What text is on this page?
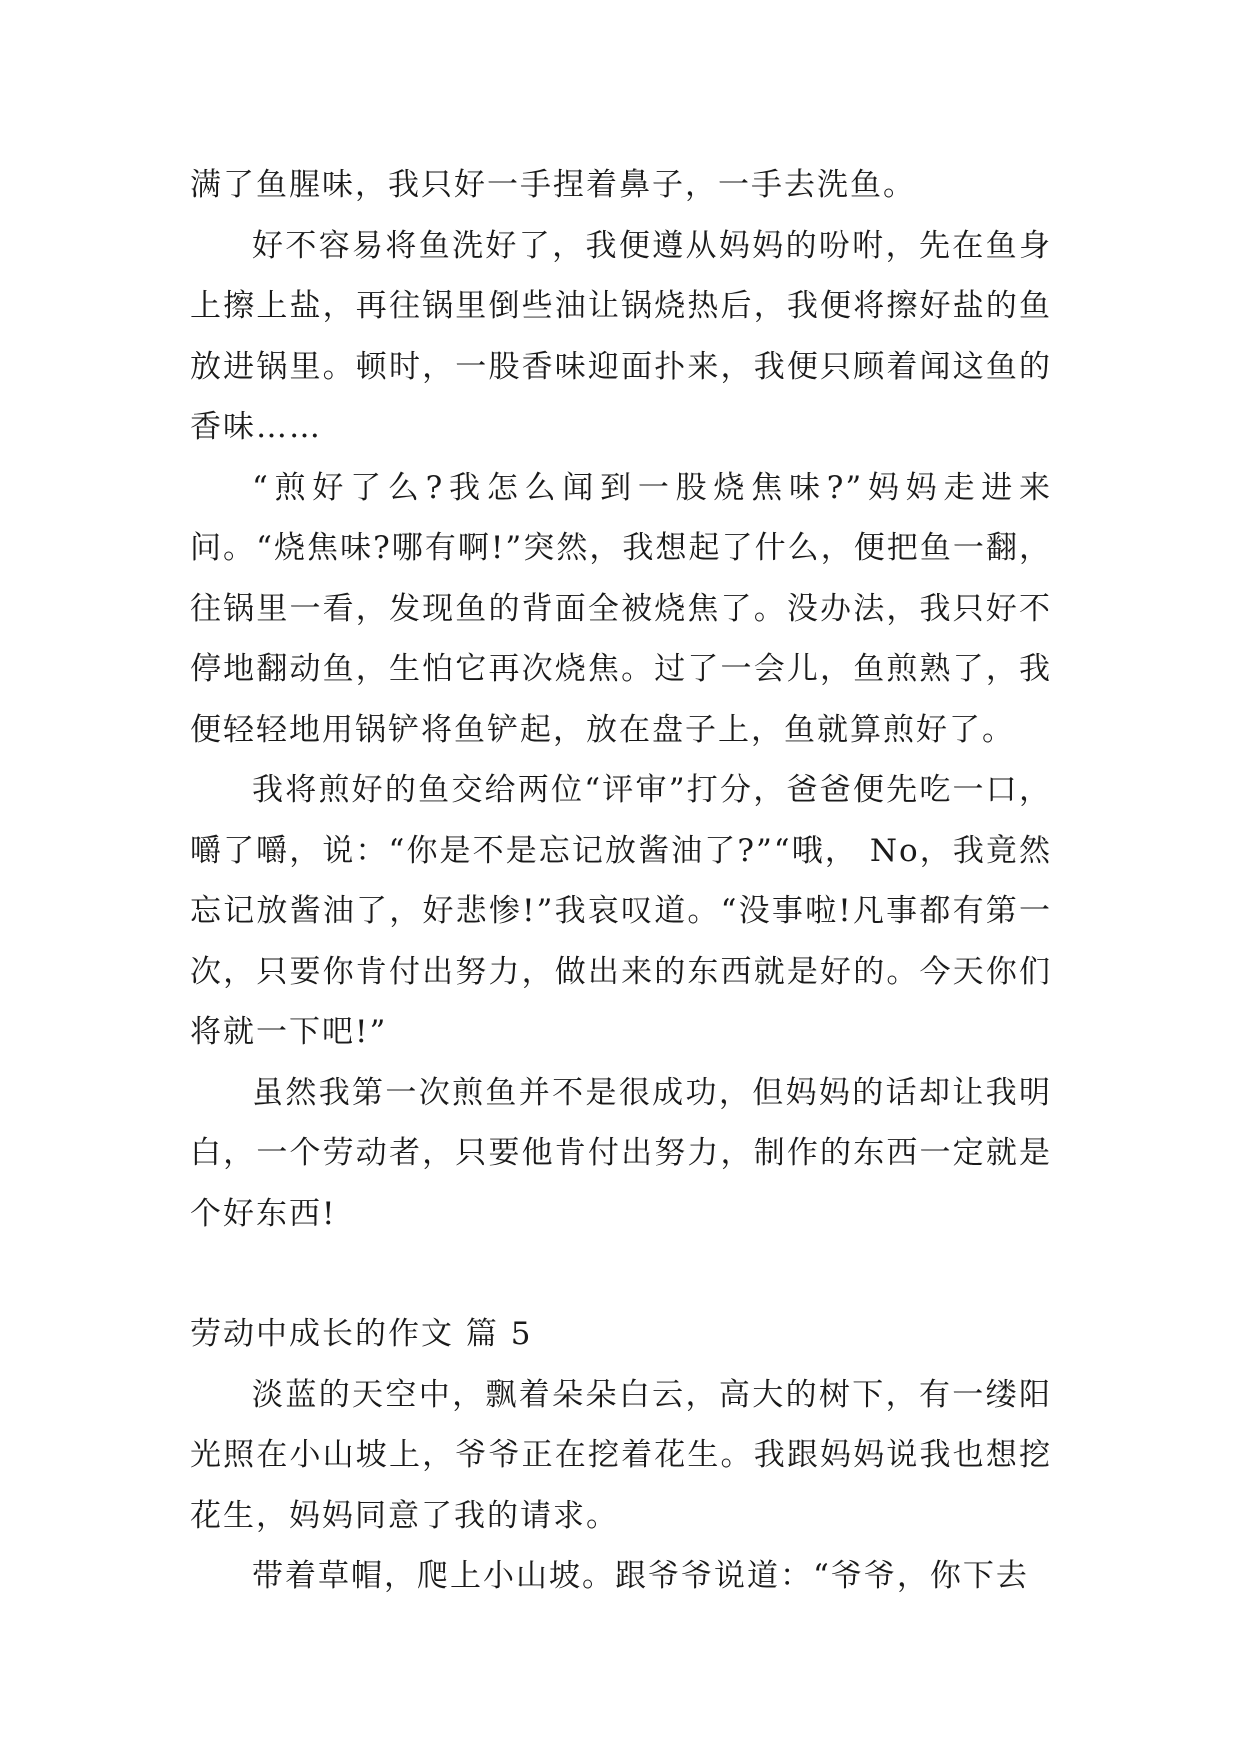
满了鱼腥味，我只好一手捏着鼻子，一手去洗鱼。

好不容易将鱼洗好了，我便遵从妈妈的吩咐，先在鱼身上擦上盐，再往锅里倒些油让锅烧热后，我便将擦好盐的鱼放进锅里。顿时，一股香味迎面扑来，我便只顾着闻这鱼的香味……

“煎好了么?我怎么闻到一股烧焦味?”妈妈走进来问。“烧焦味?哪有啊!”突然，我想起了什么，便把鱼一翻，往锅里一看，发现鱼的背面全被烧焦了。没办法，我只好不停地翻动鱼，生怕它再次烧焦。过了一会儿，鱼煎熟了，我便轻轻地用锅铲将鱼铲起，放在盘子上，鱼就算煎好了。

我将煎好的鱼交给两位“评审”打分，爸爸便先吃一口，嚼了嚼，说：“你是不是忘记放酱油了?”“哦， No，我竟然忘记放酱油了，好悲惨!”我哀叹道。“没事啦!凡事都有第一次，只要你肯付出努力，做出来的东西就是好的。今天你们将就一下吧!”

虽然我第一次煎鱼并不是很成功，但妈妈的话却让我明白，一个劳动者，只要他肯付出努力，制作的东西一定就是个好东西!

劳动中成长的作文 篇 5

淡蓝的天空中，飘着朵朵白云，高大的树下，有一缕阳光照在小山坡上，爷爷正在挖着花生。我跟妈妈说我也想挖花生，妈妈同意了我的请求。

带着草帽，爬上小山坡。跟爷爷说道：“爷爷，你下去
